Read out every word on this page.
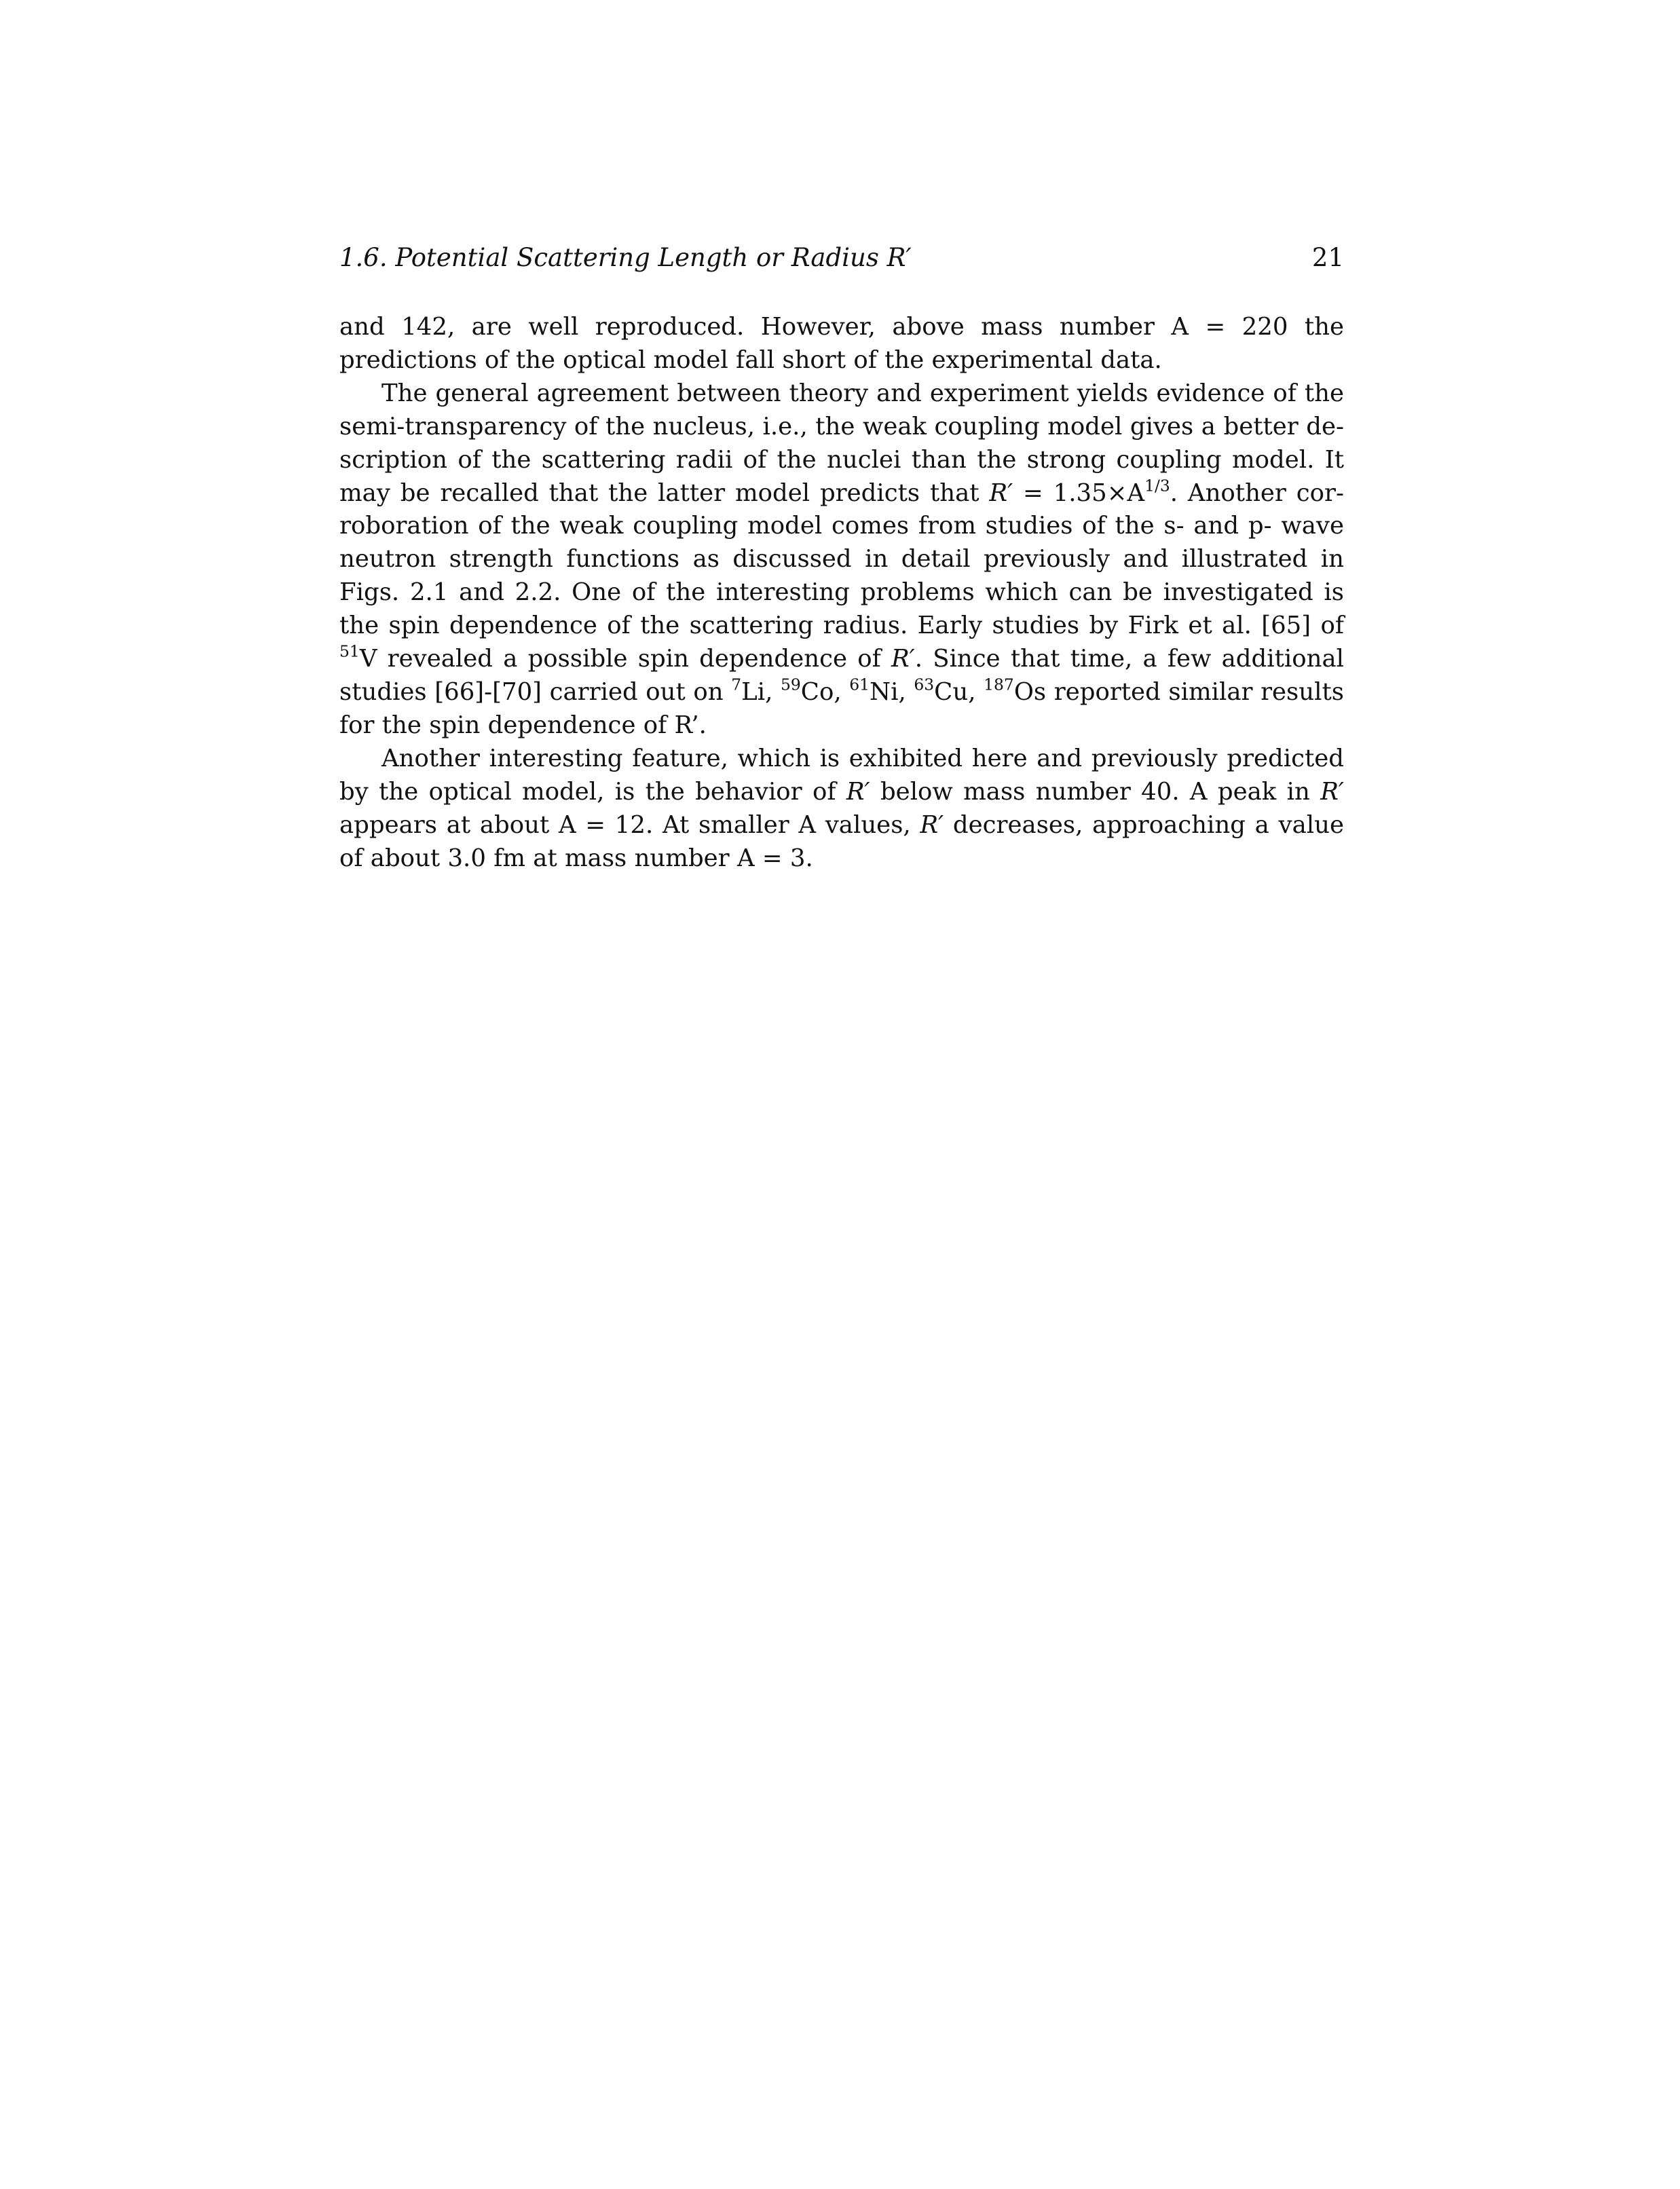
1.6. Potential Scattering Length or Radius R′	21

and 142, are well reproduced. However, above mass number A = 220 the predictions of the optical model fall short of the experimental data.

The general agreement between theory and experiment yields evidence of the semi-transparency of the nucleus, i.e., the weak coupling model gives a better description of the scattering radii of the nuclei than the strong coupling model. It may be recalled that the latter model predicts that $R' = 1.35\times A^{1/3}$. Another corroboration of the weak coupling model comes from studies of the s- and p- wave neutron strength functions as discussed in detail previously and illustrated in Figs. 2.1 and 2.2. One of the interesting problems which can be investigated is the spin dependence of the scattering radius. Early studies by Firk et al. [65] of $^{51}$V revealed a possible spin dependence of R′. Since that time, a few additional studies [66]-[70] carried out on $^7$Li, $^{59}$Co, $^{61}$Ni, $^{63}$Cu, $^{187}$Os reported similar results for the spin dependence of R’.

Another interesting feature, which is exhibited here and previously predicted by the optical model, is the behavior of R′ below mass number 40. A peak in R′ appears at about A = 12. At smaller A values, R′ decreases, approaching a value of about 3.0 fm at mass number A = 3.
